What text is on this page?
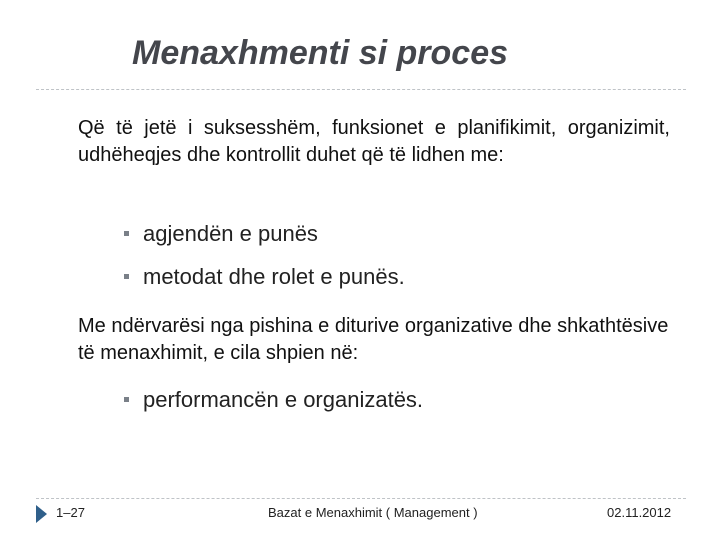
Menaxhmenti si proces
Që të jetë i suksesshëm, funksionet e planifikimit, organizimit, udhëheqjes dhe kontrollit duhet që të lidhen me:
agjendën e punës
metodat dhe rolet e punës.
Me ndërvarësi nga pishina e diturive organizative dhe shkathtësive të menaxhimit, e cila shpien në:
performancën e organizatës.
1–27	Bazat e Menaxhimit ( Management )	02.11.2012
